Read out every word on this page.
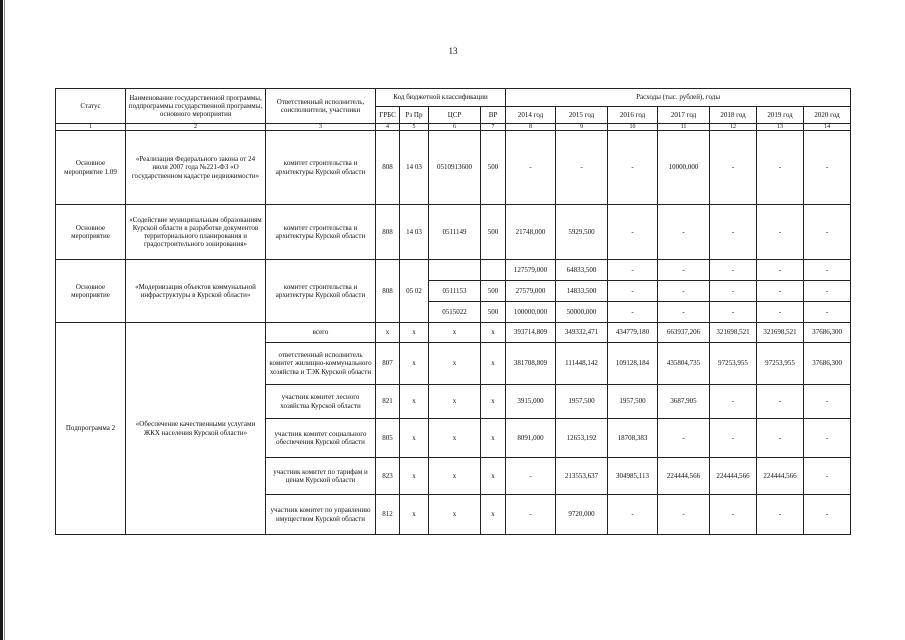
13
Статус	Наименование государственной программы, подпрограммы государственной программы, основного мероприятия	Ответственный исполнитель, соисполнители, участники	Код бюджетной классификации				Расходы (тыс. рублей), годы						
			ГРБС	Рз Пр	ЦСР	ВР	2014 год	2015 год	2016 год	2017 год	2018 год	2019 год	2020 год
1	2	3	4	5	6	7	8	9	10	11	12	13	14
Основное мероприятие 1.09	«Реализация Федерального закона от 24 июля 2007 года №221-ФЗ «О государственном кадастре недвижимости»	комитет строительства и архитектуры Курской области	808	14 03	0510913600	500	-	-	-	10000,000	-	-	-
Основное мероприятие	«Содействие муниципальным образованиям Курской области в разработке документов территориального планирования и градостроительного зонирования»	комитет строительства и архитектуры Курской области	808	14 03	0511149	500	21748,000	5929,500	-	-	-	-	-
Основное мероприятие	«Модернизация объектов коммунальной инфраструктуры в Курской области»	комитет строительства и архитектуры Курской области	808	05 02			127579,000	64833,500	-	-	-	-	-
					0511153	500	27579,000	14833,500	-	-	-	-	-
					0515022	500	100000,000	50000,000	-	-	-	-	-
Подпрограмма 2	«Обеспечение качественными услугами ЖКХ населения Курской области»	всего	х	х	х	х	393714,809	349332,471	434779,180	663937,206	321698,521	321698,521	37686,300
		ответственный исполнитель комитет жилищно-коммунального хозяйства и ТЭК Курской области	807	х	х	х	381708,809	111448,142	109128,184	435804,735	97253,955	97253,955	37686,300
		участник комитет лесного хозяйства Курской области	821	х	х	х	3915,000	1957,500	1957,500	3687,905	-	-	-
		участник комитет социального обеспечения Курской области	805	х	х	х	8091,000	12653,192	18708,383	-	-	-	-
		участник комитет по тарифам и ценам Курской области	823	х	х	х	-	213553,637	304985,113	224444,566	224444,566	224444,566	-
		участник комитет по управлению имуществом Курской области	812	х	х	х	-	9720,000	-	-	-	-	-
